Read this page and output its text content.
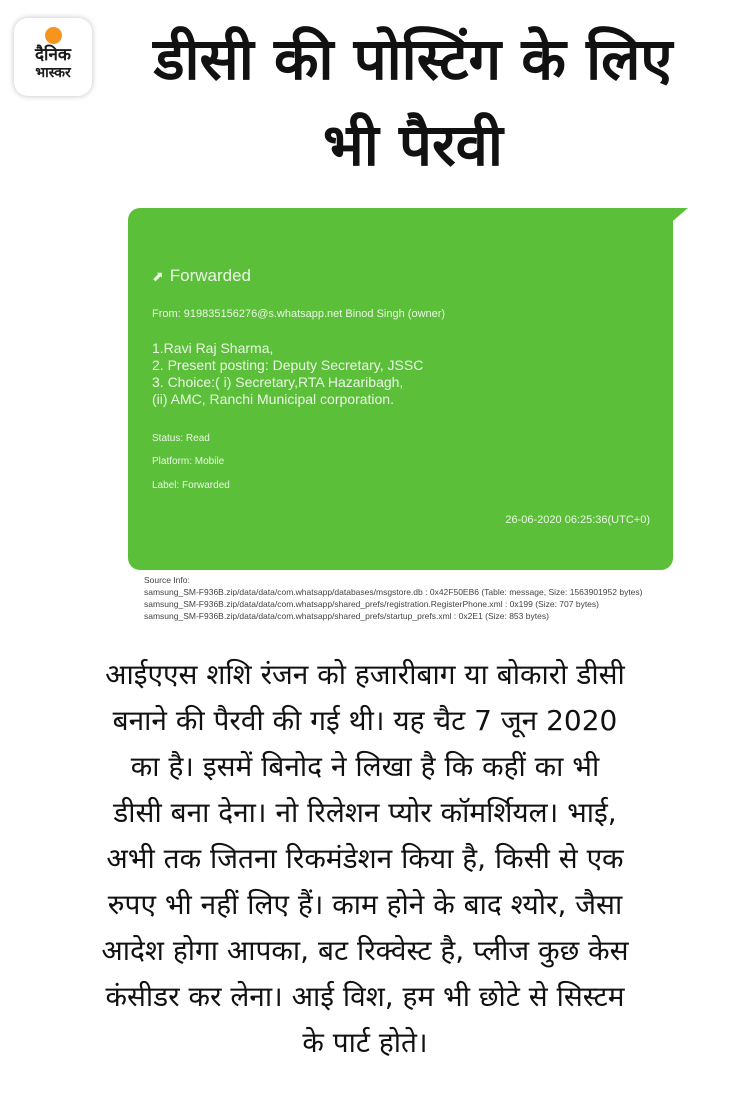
दैनिक
भास्कर	डीसी की पोस्टिंग के लिए
भी पैरवी
⬈ Forwarded
From: 919835156276@s.whatsapp.net Binod Singh (owner)
1.Ravi Raj Sharma,
2. Present posting: Deputy Secretary, JSSC
3. Choice:( i) Secretary,RTA Hazaribagh,
(ii) AMC, Ranchi Municipal corporation.
Status: Read
Platform: Mobile
Label: Forwarded
26-06-2020 06:25:36(UTC+0)
Source Info:
samsung_SM-F936B.zip/data/data/com.whatsapp/databases/msgstore.db : 0x42F50EB6 (Table: message, Size: 1563901952 bytes)
samsung_SM-F936B.zip/data/data/com.whatsapp/shared_prefs/registration.RegisterPhone.xml : 0x199 (Size: 707 bytes)
samsung_SM-F936B.zip/data/data/com.whatsapp/shared_prefs/startup_prefs.xml : 0x2E1 (Size: 853 bytes)
आईएएस शशि रंजन को हजारीबाग या बोकारो डीसी
बनाने की पैरवी की गई थी। यह चैट 7 जून 2020
का है। इसमें बिनोद ने लिखा है कि कहीं का भी
डीसी बना देना। नो रिलेशन प्योर कॉमर्शियल। भाई,
अभी तक जितना रिकमंडेशन किया है, किसी से एक
रुपए भी नहीं लिए हैं। काम होने के बाद श्योर, जैसा
आदेश होगा आपका, बट रिक्वेस्ट है, प्लीज कुछ केस
कंसीडर कर लेना। आई विश, हम भी छोटे से सिस्टम
के पार्ट होते।
